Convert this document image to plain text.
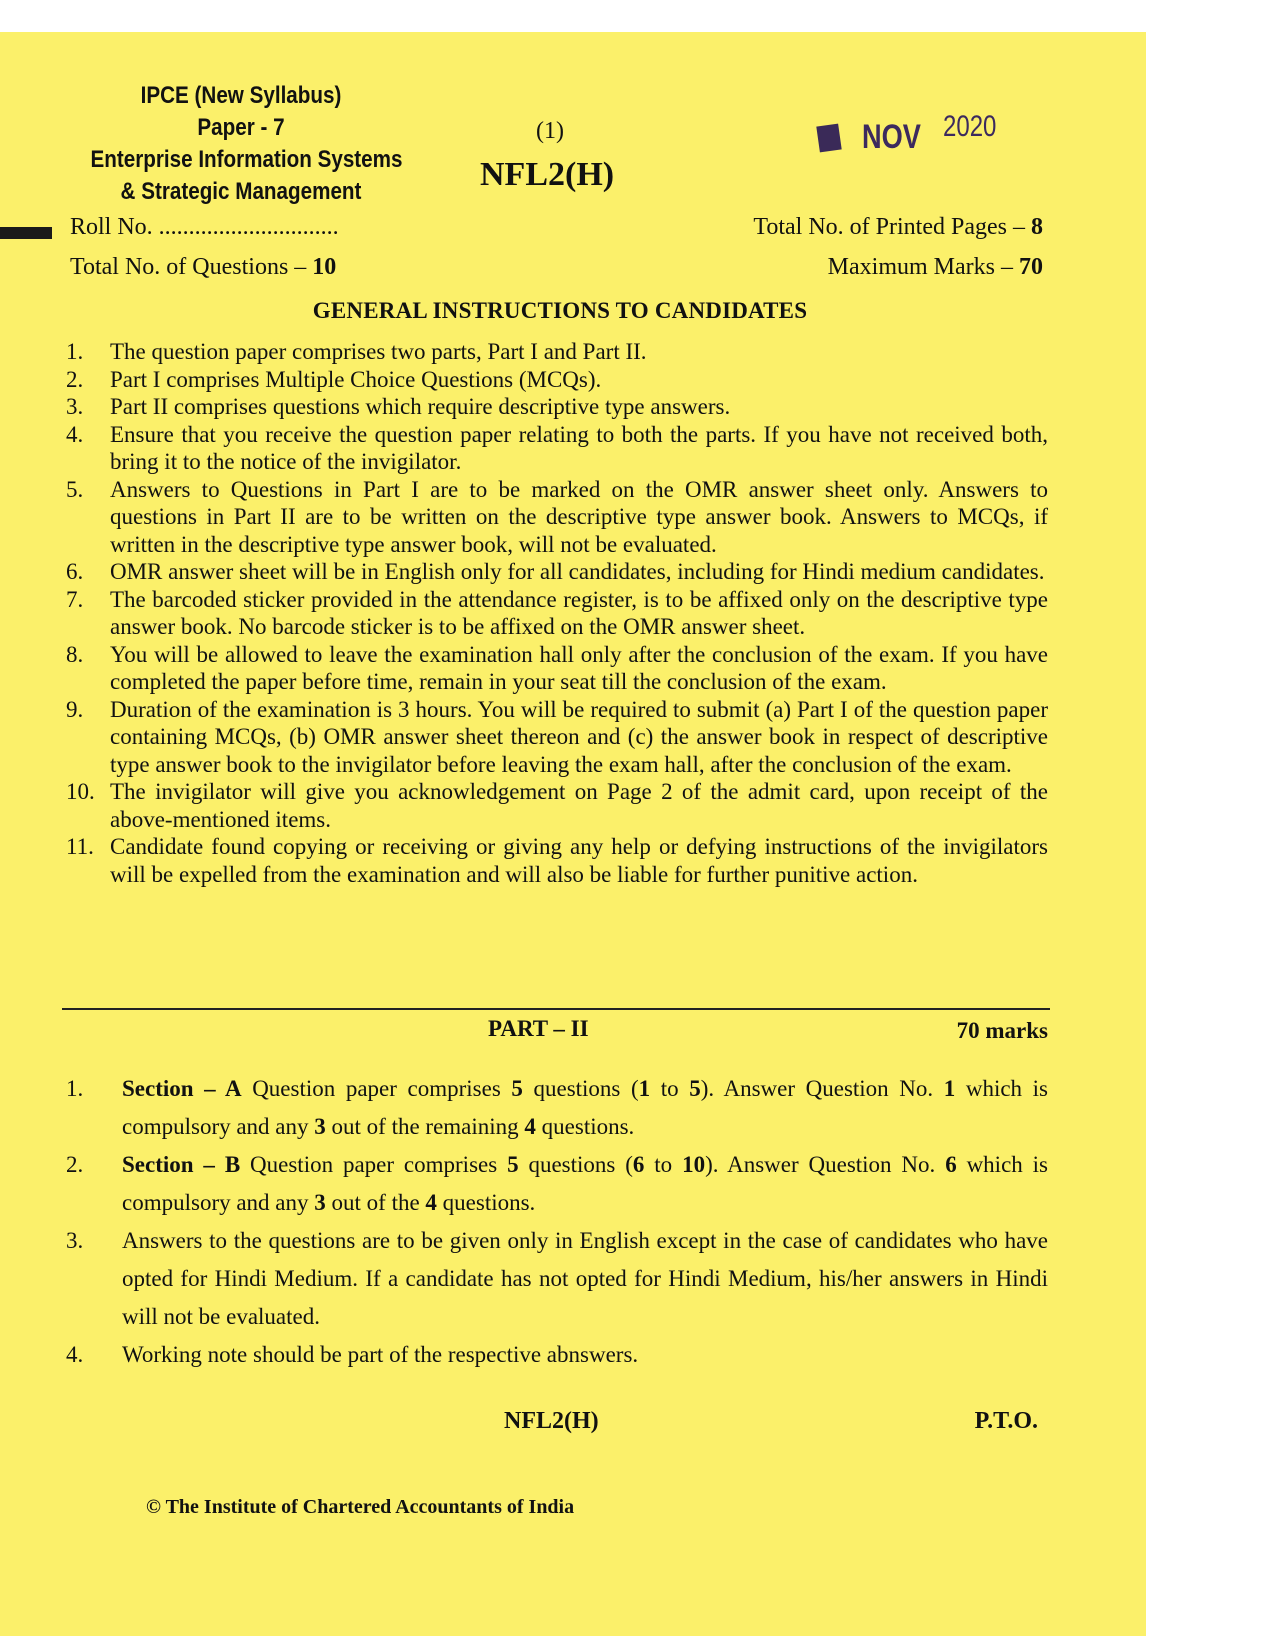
IPCE (New Syllabus)
Paper - 7
Enterprise Information Systems
& Strategic Management
(1)
NFL2(H)
NOV 2020
Roll No. ..............................	Total No. of Printed Pages – 8
Total No. of Questions – 10	Maximum Marks – 70
GENERAL INSTRUCTIONS TO CANDIDATES
1.	The question paper comprises two parts, Part I and Part II.
2.	Part I comprises Multiple Choice Questions (MCQs).
3.	Part II comprises questions which require descriptive type answers.
4.	Ensure that you receive the question paper relating to both the parts. If you have not received both, bring it to the notice of the invigilator.
5.	Answers to Questions in Part I are to be marked on the OMR answer sheet only. Answers to questions in Part II are to be written on the descriptive type answer book. Answers to MCQs, if written in the descriptive type answer book, will not be evaluated.
6.	OMR answer sheet will be in English only for all candidates, including for Hindi medium candidates.
7.	The barcoded sticker provided in the attendance register, is to be affixed only on the descriptive type answer book. No barcode sticker is to be affixed on the OMR answer sheet.
8.	You will be allowed to leave the examination hall only after the conclusion of the exam. If you have completed the paper before time, remain in your seat till the conclusion of the exam.
9.	Duration of the examination is 3 hours. You will be required to submit (a) Part I of the question paper containing MCQs, (b) OMR answer sheet thereon and (c) the answer book in respect of descriptive type answer book to the invigilator before leaving the exam hall, after the conclusion of the exam.
10. The invigilator will give you acknowledgement on Page 2 of the admit card, upon receipt of the above-mentioned items.
11. Candidate found copying or receiving or giving any help or defying instructions of the invigilators will be expelled from the examination and will also be liable for further punitive action.
PART – II	70 marks
1.	Section – A Question paper comprises 5 questions (1 to 5). Answer Question No. 1 which is compulsory and any 3 out of the remaining 4 questions.
2.	Section – B Question paper comprises 5 questions (6 to 10). Answer Question No. 6 which is compulsory and any 3 out of the 4 questions.
3.	Answers to the questions are to be given only in English except in the case of candidates who have opted for Hindi Medium. If a candidate has not opted for Hindi Medium, his/her answers in Hindi will not be evaluated.
4.	Working note should be part of the respective abnswers.
NFL2(H)	P.T.O.
© The Institute of Chartered Accountants of India
